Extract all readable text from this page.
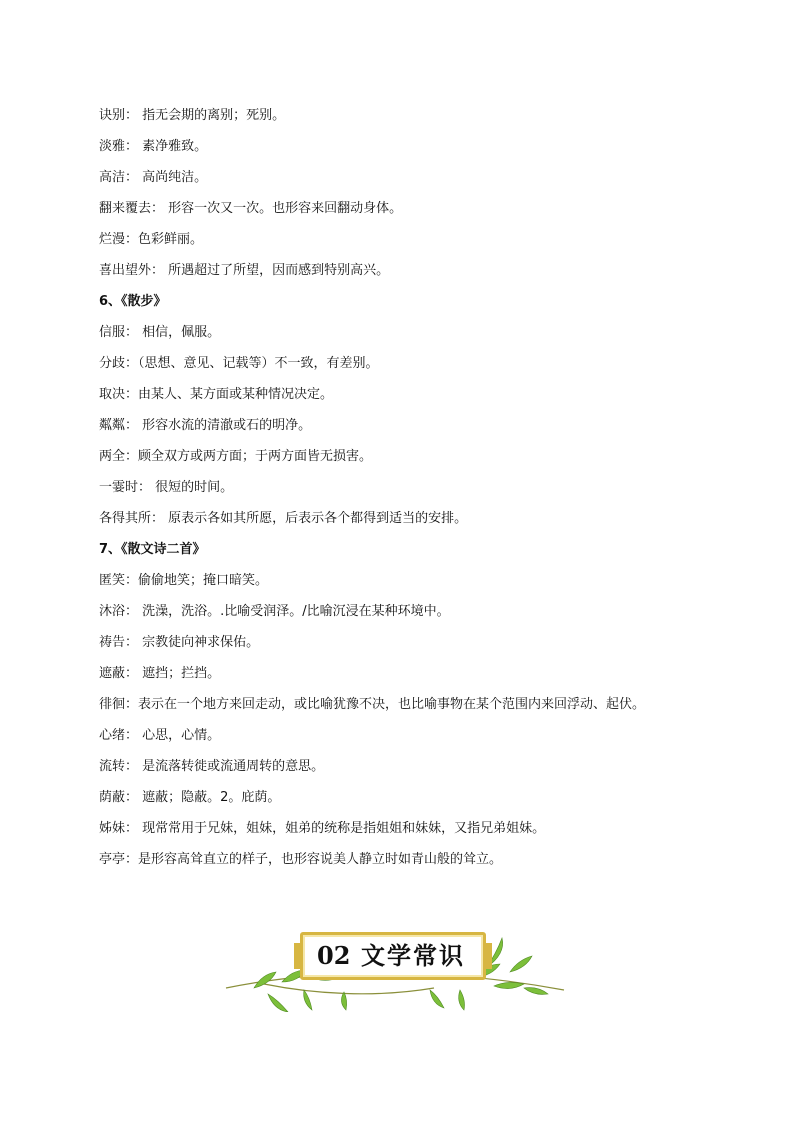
诀别： 指无会期的离别；死别。
淡雅： 素净雅致。
高洁： 高尚纯洁。
翻来覆去： 形容一次又一次。也形容来回翻动身体。
烂漫：色彩鲜丽。
喜出望外： 所遇超过了所望，因而感到特别高兴。
6、《散步》
信服： 相信，佩服。
分歧：（思想、意见、记载等）不一致，有差别。
取决：由某人、某方面或某种情况决定。
粼粼： 形容水流的清澈或石的明净。
两全：顾全双方或两方面；于两方面皆无损害。
一霎时： 很短的时间。
各得其所： 原表示各如其所愿，后表示各个都得到适当的安排。
7、《散文诗二首》
匿笑：偷偷地笑；掩口暗笑。
沐浴： 洗澡，洗浴。.比喻受润泽。/比喻沉浸在某种环境中。
祷告： 宗教徒向神求保佑。
遮蔽： 遮挡；拦挡。
徘徊：表示在一个地方来回走动，或比喻犹豫不决，也比喻事物在某个范围内来回浮动、起伏。
心绪： 心思，心情。
流转： 是流落转徙或流通周转的意思。
荫蔽： 遮蔽；隐蔽。2。庇荫。
姊妹： 现常常用于兄妹，姐妹，姐弟的统称是指姐姐和妹妹，又指兄弟姐妹。
亭亭：是形容高耸直立的样子，也形容说美人静立时如青山般的耸立。
02 文学常识
